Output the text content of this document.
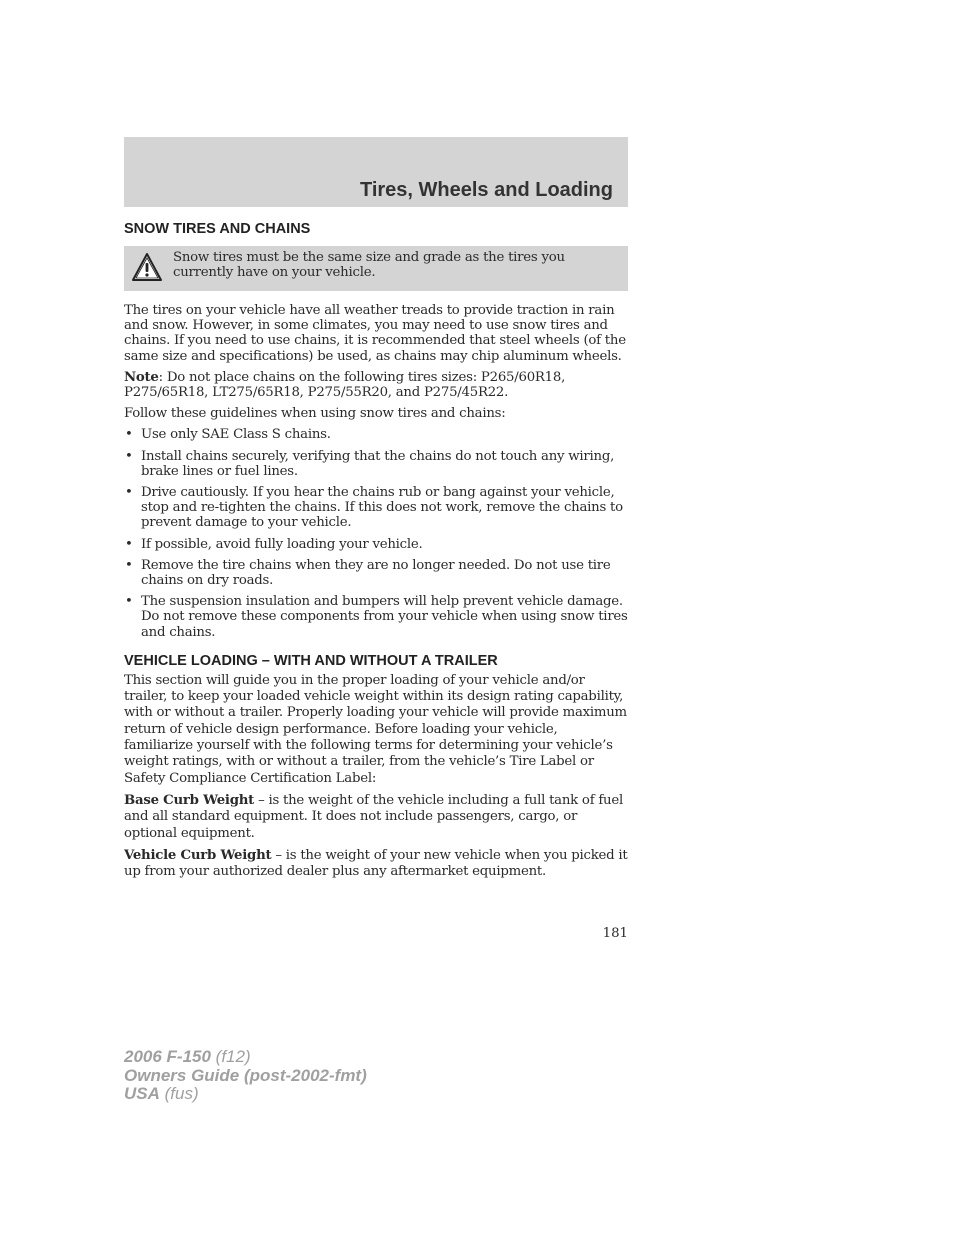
Tires, Wheels and Loading
SNOW TIRES AND CHAINS
Snow tires must be the same size and grade as the tires you currently have on your vehicle.

The tires on your vehicle have all weather treads to provide traction in rain and snow. However, in some climates, you may need to use snow tires and chains. If you need to use chains, it is recommended that steel wheels (of the same size and specifications) be used, as chains may chip aluminum wheels.

Note: Do not place chains on the following tires sizes: P265/60R18, P275/65R18, LT275/65R18, P275/55R20, and P275/45R22.

Follow these guidelines when using snow tires and chains:

• Use only SAE Class S chains.
• Install chains securely, verifying that the chains do not touch any wiring, brake lines or fuel lines.
• Drive cautiously. If you hear the chains rub or bang against your vehicle, stop and re-tighten the chains. If this does not work, remove the chains to prevent damage to your vehicle.
• If possible, avoid fully loading your vehicle.
• Remove the tire chains when they are no longer needed. Do not use tire chains on dry roads.
• The suspension insulation and bumpers will help prevent vehicle damage. Do not remove these components from your vehicle when using snow tires and chains.
VEHICLE LOADING – WITH AND WITHOUT A TRAILER

This section will guide you in the proper loading of your vehicle and/or trailer, to keep your loaded vehicle weight within its design rating capability, with or without a trailer. Properly loading your vehicle will provide maximum return of vehicle design performance. Before loading your vehicle, familiarize yourself with the following terms for determining your vehicle’s weight ratings, with or without a trailer, from the vehicle’s Tire Label or Safety Compliance Certification Label:

Base Curb Weight – is the weight of the vehicle including a full tank of fuel and all standard equipment. It does not include passengers, cargo, or optional equipment.

Vehicle Curb Weight – is the weight of your new vehicle when you picked it up from your authorized dealer plus any aftermarket equipment.

181
2006 F-150 (f12)
Owners Guide (post-2002-fmt)
USA (fus)
